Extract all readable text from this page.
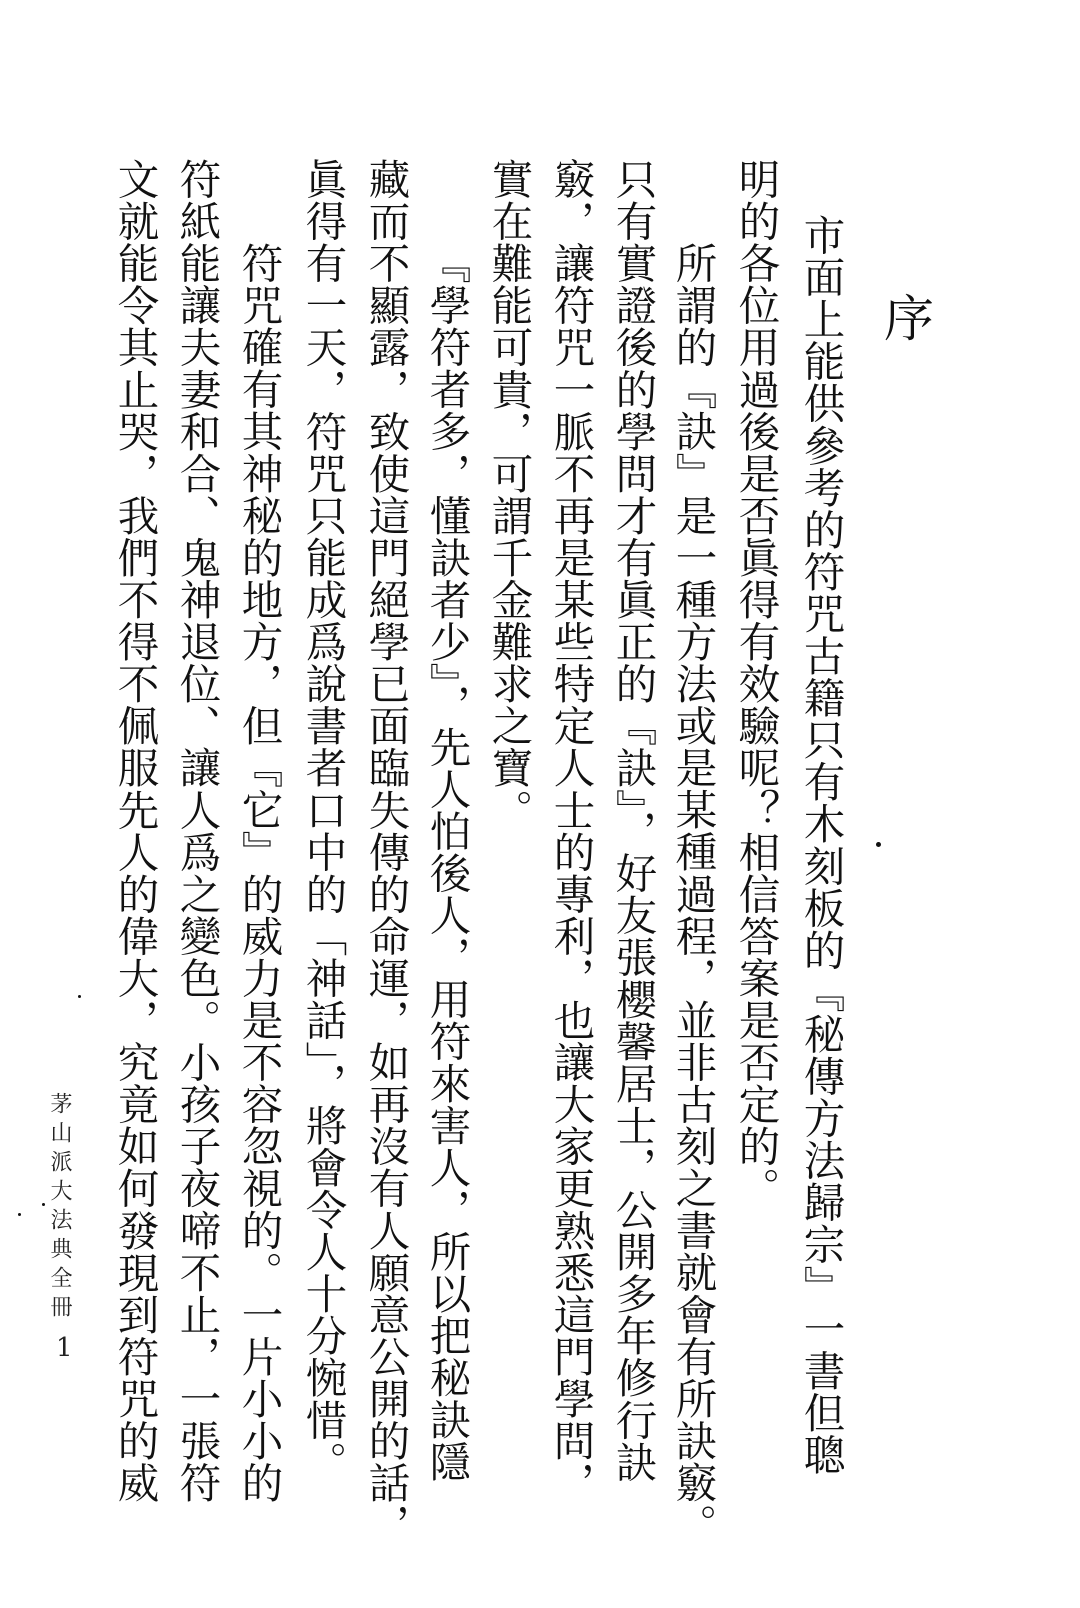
序
市面上能供參考的符咒古籍只有木刻板的『秘傳方法歸宗』一書但聰
明的各位用過後是否眞得有效驗呢？相信答案是否定的。
所謂的『訣』是一種方法或是某種過程，並非古刻之書就會有所訣竅。
只有實證後的學問才有眞正的『訣』，好友張櫻馨居士，公開多年修行訣
竅，讓符咒一脈不再是某些特定人士的專利，也讓大家更熟悉這門學問，
實在難能可貴，可謂千金難求之寶。
『學符者多，懂訣者少』，先人怕後人，用符來害人，所以把秘訣隱
藏而不顯露，致使這門絕學已面臨失傳的命運，如再沒有人願意公開的話，
眞得有一天，符咒只能成爲說書者口中的「神話」，將會令人十分惋惜。
符咒確有其神秘的地方，但『它』的威力是不容忽視的。一片小小的
符紙能讓夫妻和合、鬼神退位、讓人爲之變色。小孩子夜啼不止，一張符
文就能令其止哭，我們不得不佩服先人的偉大，究竟如何發現到符咒的威
茅山派大法典全冊
1
